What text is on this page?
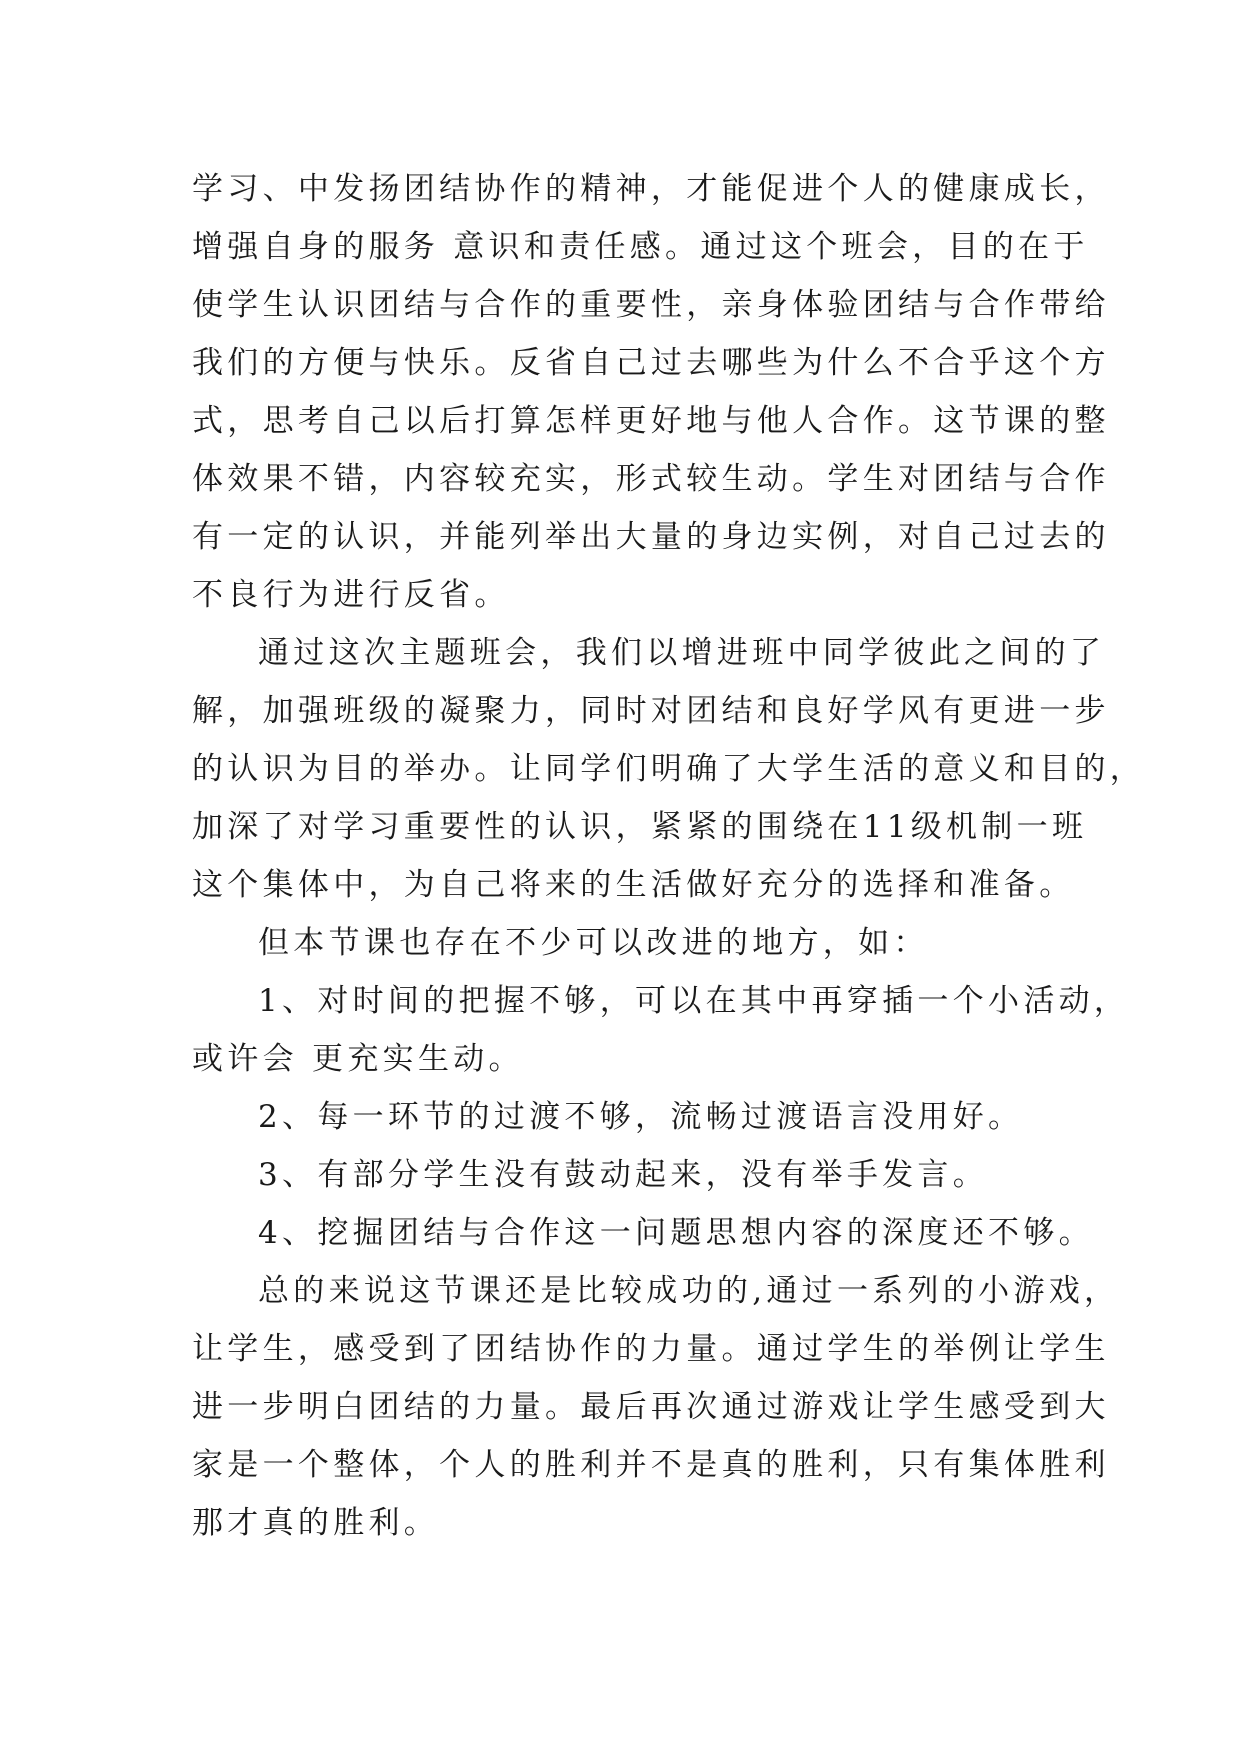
学习、中发扬团结协作的精神，才能促进个人的健康成长，
增强自身的服务 意识和责任感。通过这个班会，目的在于
使学生认识团结与合作的重要性，亲身体验团结与合作带给
我们的方便与快乐。反省自己过去哪些为什么不合乎这个方
式，思考自己以后打算怎样更好地与他人合作。这节课的整
体效果不错，内容较充实，形式较生动。学生对团结与合作
有一定的认识，并能列举出大量的身边实例，对自己过去的
不良行为进行反省。
通过这次主题班会，我们以增进班中同学彼此之间的了
解，加强班级的凝聚力，同时对团结和良好学风有更进一步
的认识为目的举办。让同学们明确了大学生活的意义和目的，
加深了对学习重要性的认识，紧紧的围绕在11级机制一班
这个集体中，为自己将来的生活做好充分的选择和准备。
但本节课也存在不少可以改进的地方，如：
1、对时间的把握不够，可以在其中再穿插一个小活动，
或许会 更充实生动。
2、每一环节的过渡不够，流畅过渡语言没用好。
3、有部分学生没有鼓动起来，没有举手发言。
4、挖掘团结与合作这一问题思想内容的深度还不够。
总的来说这节课还是比较成功的,通过一系列的小游戏，
让学生，感受到了团结协作的力量。通过学生的举例让学生
进一步明白团结的力量。最后再次通过游戏让学生感受到大
家是一个整体，个人的胜利并不是真的胜利，只有集体胜利
那才真的胜利。
